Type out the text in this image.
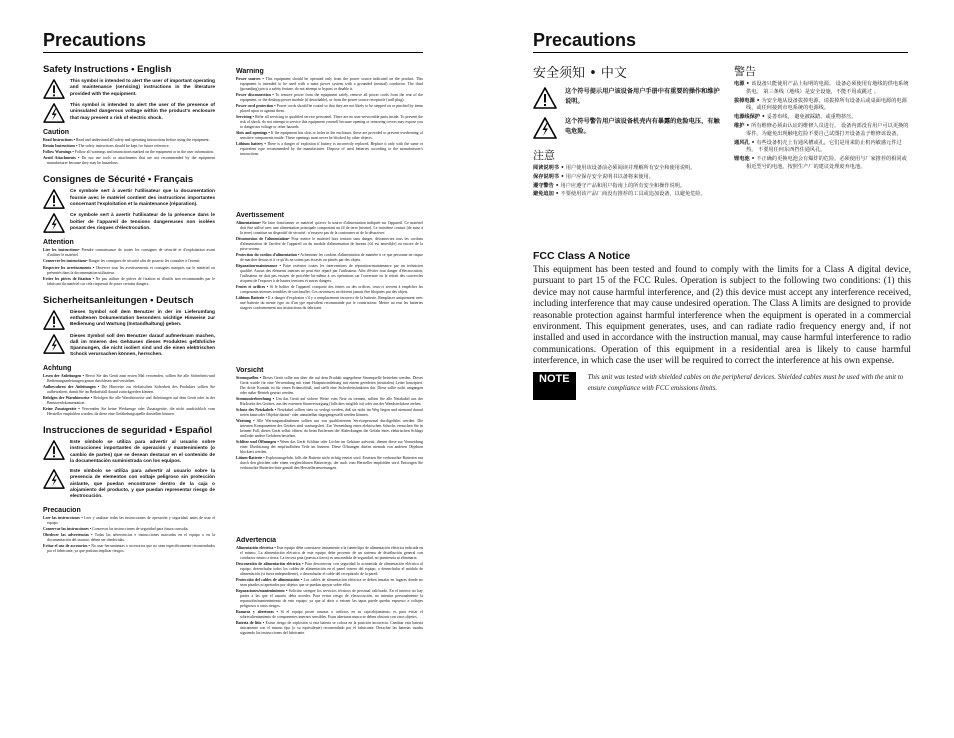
Precautions
Safety Instructions • English
This symbol is intended to alert the user of important operating and maintenance (servicing) instructions in the literature provided with the equipment.
This symbol is intended to alert the user of the presence of uninsulated dangerous voltage within the product's enclosure that may present a risk of electric shock.
Caution
Read Instructions • Read and understand all safety and operating instructions before using the equipment.
Retain Instructions • The safety instructions should be kept for future reference.
Follow Warnings • Follow all warnings and instructions marked on the equipment or in the user information.
Avoid Attachments • Do not use tools or attachments that are not recommended by the equipment manufacturer because they may be hazardous.
Consignes de Sécurité • Français
Ce symbole sert à avertir l'utilisateur que la documentation fournie avec le matériel contient des instructions importantes concernant l'exploitation et la maintenance (réparation).
Ce symbole sert à avertir l'utilisateur de la présence dans le boîtier de l'appareil de tensions dangereuses non isolées posant des risques d'électrocution.
Attention
Lire les instructions• Prendre connaissance de toutes les consignes de sécurité et d'exploitation avant d'utiliser le matériel.
Conserver les instructions• Ranger les consignes de sécurité afin de pouvoir les consulter à l'avenir.
Respecter les avertissements • Observer tous les avertissements et consignes marqués sur le matériel ou présentés dans la documentation utilisateur.
Eviter les pièces de fixation • Ne pas utiliser de pièces de fixation ni d'outils non recommandés par le fabricant du matériel car cela risquerait de poser certains dangers.
Sicherheitsanleitungen • Deutsch
Dieses Symbol soll dem Benutzer in der im Lieferumfang enthaltenen Dokumentation besonders wichtige Hinweise zur Bedienung und Wartung (Instandhaltung) geben.
Dieses Symbol soll den Benutzer darauf aufmerksam machen, daß im Inneren des Gehäuses dieses Produktes gefährliche Spannungen, die nicht isoliert sind und die einen elektrischen Schock verursachen können, herrschen.
Achtung
Lesen der Anleitungen • Bevor Sie das Gerät zum ersten Mal verwenden, sollten Sie alle Sicherheits-und Bedienungsanleitungen genau durchlesen und verstehen.
Aufbewahren der Anleitungen • Die Hinweise zur elektrischen Sicherheit des Produktes sollten Sie aufbewahren, damit Sie im Bedarfsfall darauf zurückgreifen können.
Befolgen der Warnhinweise • Befolgen Sie alle Warnhinweise und Anleitungen auf dem Gerät oder in der Benutzerdokumentation.
Keine Zusatzgeräte • Verwenden Sie keine Werkzeuge oder Zusatzgeräte, die nicht ausdrücklich vom Hersteller empfohlen wurden, da diese eine Gefährdungsquelle darstellen können.
Instrucciones de seguridad • Español
Este símbolo se utiliza para advertir al usuario sobre instrucciones importantes de operación y mantenimiento (o cambio de partes) que se desean destacar en el contenido de la documentación suministrada con los equipos.
Este símbolo se utiliza para advertir al usuario sobre la presencia de elementos con voltaje peligroso sin protección aislante, que puedan encontrarse dentro de la caja o alojamiento del producto, y que puedan representar riesgo de electrocución.
Precaucion
Leer las instrucciones • Leer y analizar todas las instrucciones de operación y seguridad, antes de usar el equipo.
Conservar las instrucciones • Conservar las instrucciones de seguridad para futura consulta.
Obedecer las advertencias • Todas las advertencias e instrucciones marcadas en el equipo o en la documentación del usuario, deben ser obedecidas.
Evitar el uso de accesorios • No usar herramientas o accesorios que no sean especificamente recomendados por el fabricante, ya que podrian implicar riesgos.
Warning
Power sources • This equipment should be operated only from the power source indicated on the product. This equipment is intended to be used with a main power system with a grounded (neutral) conductor. The third (grounding) pin is a safety feature, do not attempt to bypass or disable it.
Power disconnection • To remove power from the equipment safely, remove all power cords from the rear of the equipment, or the desktop power module (if detachable), or from the power source receptacle (wall plug).
Power cord protection • Power cords should be routed so that they are not likely to be stepped on or pinched by items placed upon or against them.
Servicing • Refer all servicing to qualified service personnel. There are no user-serviceable parts inside. To prevent the risk of shock, do not attempt to service this equipment yourself because opening or removing covers may expose you to dangerous voltage or other hazards.
Slots and openings • If the equipment has slots or holes in the enclosure, these are provided to prevent overheating of sensitive components inside. These openings must never be blocked by other objects.
Lithium battery • There is a danger of explosion if battery is incorrectly replaced. Replace it only with the same or equivalent type recommended by the manufacturer. Dispose of used batteries according to the manufacturer's instructions.
Avertissement
Alimentations• Ne faire fonctionner ce matériel qu'avec la source d'alimentation indiquée sur l'appareil. Ce matériel doit être utilisé avec une alimentation principale comportant un fil de terre (neutre). Le troisième contact (de mise à la terre) constitue un dispositif de sécurité : n'essayez pas de la contourner ni de la désactiver.
Déconnexion de l'alimentation• Pour mettre le matériel hors tension sans danger, déconnectez tous les cordons d'alimentation de l'arrière de l'appareil ou du module d'alimentation de bureau (s'il est amovible) ou encore de la prise secteur.
Protection du cordon d'alimentation • Acheminer les cordons d'alimentation de manière à ce que personne ne risque de marcher dessus et à ce qu'ils ne soient pas écrasés ou pincés par des objets.
Réparation-maintenance • Faire exécuter toutes les interventions de réparation-maintenance par un technicien qualifié. Aucun des éléments internes ne peut être réparé par l'utilisateur. Afin d'éviter tout danger d'électrocution, l'utilisateur ne doit pas essayer de procéder lui-même à ces opérations car l'ouverture ou le retrait des couvercles risquent de l'exposer à de hautes tensions et autres dangers.
Fentes et orifices • Si le boîtier de l'appareil comporte des fentes ou des orifices, ceux-ci servent à empêcher les composants internes sensibles de surchauffer. Ces ouvertures ne doivent jamais être bloquées par des objets.
Lithium Batterie • Il a danger d'explosion s'il y a remplacement incorrect de la batterie. Remplacer uniquement avec une batterie du meme type ou d'un ype equivalent recommande par le constructeur. Mettre au reut les batteries usagees conformement aux instructions du fabricant.
Vorsicht
Stromquellen • Dieses Gerät sollte nur über die auf dem Produkt angegebene Stromquelle betrieben werden. Dieses Gerät wurde für eine Verwendung mit einer Hauptstromleitung mit einem geerdeten (neutralen) Leiter konzipiert. Der dritte Kontakt ist für einen Erdanschluß, und stellt eine Sicherheitsfunktion dar. Diese sollte nicht umgangen oder außer Betrieb gesetzt werden.
Stromunterbrechung • Um das Gerät auf sichere Weise vom Netz zu trennen, sollten Sie alle Netzkabel aus der Rückseite des Gerätes, aus der externen Stomversorgung (falls dies möglich ist) oder aus der Wandsteckdose ziehen.
Schutz des Netzkabels • Netzkabel sollten stets so verlegt werden, daß sie nicht im Weg liegen und niemand darauf treten kann oder Objekte darauf- oder unmittelbar dagegengestellt werden können.
Wartung • Alle Wartungsmaßnahmen sollten nur von qualifiziertem Servicepersonal durchgeführt werden. Die internen Komponenten des Gerätes sind wartungsfrei. Zur Vermeidung eines elektrischen Schocks versuchen Sie in keinem Fall, dieses Gerät selbst öffnen, da beim Entfernen der Abdeckungen die Gefahr eines elektrischen Schlags und/oder andere Gefahren bestehen.
Schlitze und Öffnungen • Wenn das Gerät Schlitze oder Löcher im Gehäuse aufweist, dienen diese zur Vermeidung einer Überhitzung der empfindlichen Teile im Inneren. Diese Öffnungen dürfen niemals von anderen Objekten blockiert werden.
Litium-Batterie • Explosionsgefahr, falls die Batterie nicht richtig ersetzt wird. Ersetzen Sie verbrauchte Batterien nur durch den gleichen oder einen vergleichbaren Batterietyp, der auch vom Hersteller empfohlen wird. Entsorgen Sie verbrauchte Batterien bitte gemäß den Herstelleranweisungen.
Advertencia
Alimentación eléctrica • Este equipo debe conectarse únicamente a la fuente/tipo de alimentación eléctrica indicada en el mismo. La alimentación eléctrica de este equipo debe provenir de un sistema de distribución general con conductor neutro a tierra. La tercera pata (puesta a tierra) es una medida de seguridad, no puentearia ni eliminaria.
Desconexión de alimentación eléctrica • Para desconectar con seguridad la acometida de alimentación eléctrica al equipo, desenchufar todos los cables de alimentación en el panel trasero del equipo, o desenchufar el módulo de alimentación (si fuera independiente), o desenchufar el cable del receptáculo de la pared.
Protección del cables de alimentación • Los cables de alimentación eléctrica se deben instalar en lugares donde no sean pisados ni apretados por objetos que se puedan apoyar sobre ellos.
Reparaciones/mantenimiento • Solicitar siempre los servicios técnicos de personal calificado. En el interior no hay partes a las que el usuario deba acceder. Para evitar riesgo de electrocución, no intentar personalmente la reparación/mantenimiento de este equipo, ya que al abrir o extraer las tapas puede quedar expuesto a voltajes peligrosos u otros riesgos.
Ranuras y aberturas • Si el equipo posee ranuras o orificios en su caja/alojamiento, es para evitar el sobrecalientamiento de componentes internos sensibles. Estas aberturas nunca se deben obstruir con otros objetos.
Batería de litio • Existe riesgo de explosión si esta batería se coloca en la posición incorrecta. Cambiar esta batería únicamente con el mismo tipo (o su equivalente) recomendado por el fabricante. Desachar las baterías usadas siguiendo las instrucciones del fabricante.
Precautions
安全须知 • 中文
这个符号提示用户该设备用户手册中有重要的操作和维护说明。
这个符号警告用户该设备机壳内有暴露的危险电压，有触电危险。
注意
阅读说明书 • 用户使用该设备前必须阅读并理解所有安全和使用说明。
保存说明书 • 用户应保存安全说明书以备将来使用。
遵守警告 • 用户应遵守产品和用户指南上的所有安全和操作说明。
避免追加 • 不要使用该产品厂商没有推荐的工具或追加设备，以避免危险。
警告
电源 • 该设备只能使用产品上标明的电源。 设备必须使用有地线的供电系统供电。 第三条线（地线）是安全设施，不能不用或跳过 。
拔掉电源 • 为安全地从设备拔掉电源，请拔掉所有设备后或桌面电源的电源线，或任何接到市电系统的电源线。
电源线保护 • 妥善布线， 避免被踩踏，或重物挤压。
维护 • 所有维修必须由认证的维修人员进行。 设备内部没有用户可以更换的零件。为避免出现触电危险不要自己试图打开设备盖子维修该设备。
通风孔 • 有些设备机壳上有通风槽或孔，它们是用来防止机内敏感元件过热。 不要用任何东西挡住通风孔。
锂电池 • 不正确的更换电池会有爆炸的危险。必须使用与厂家推荐的相同或相近型号的电池。按照生产厂的建议处理废弃电池。
FCC Class A Notice
This equipment has been tested and found to comply with the limits for a Class A digital device, pursuant to part 15 of the FCC Rules. Operation is subject to the following two conditions: (1) this device may not cause harmful interference, and (2) this device must accept any interference received, including interference that may cause undesired operation. The Class A limits are designed to provide reasonable protection against harmful interference when the equipment is operated in a commercial environment. This equipment generates, uses, and can radiate radio frequency energy and, if not installed and used in accordance with the instruction manual, may cause harmful interference to radio communications. Operation of this equipment in a residential area is likely to cause harmful interference, in which case the user will be required to correct the interference at his own expense.
NOTE	This unit was tested with shielded cables on the peripheral devices. Shielded cables must be used with the unit to ensure compliance with FCC emissions limits.
